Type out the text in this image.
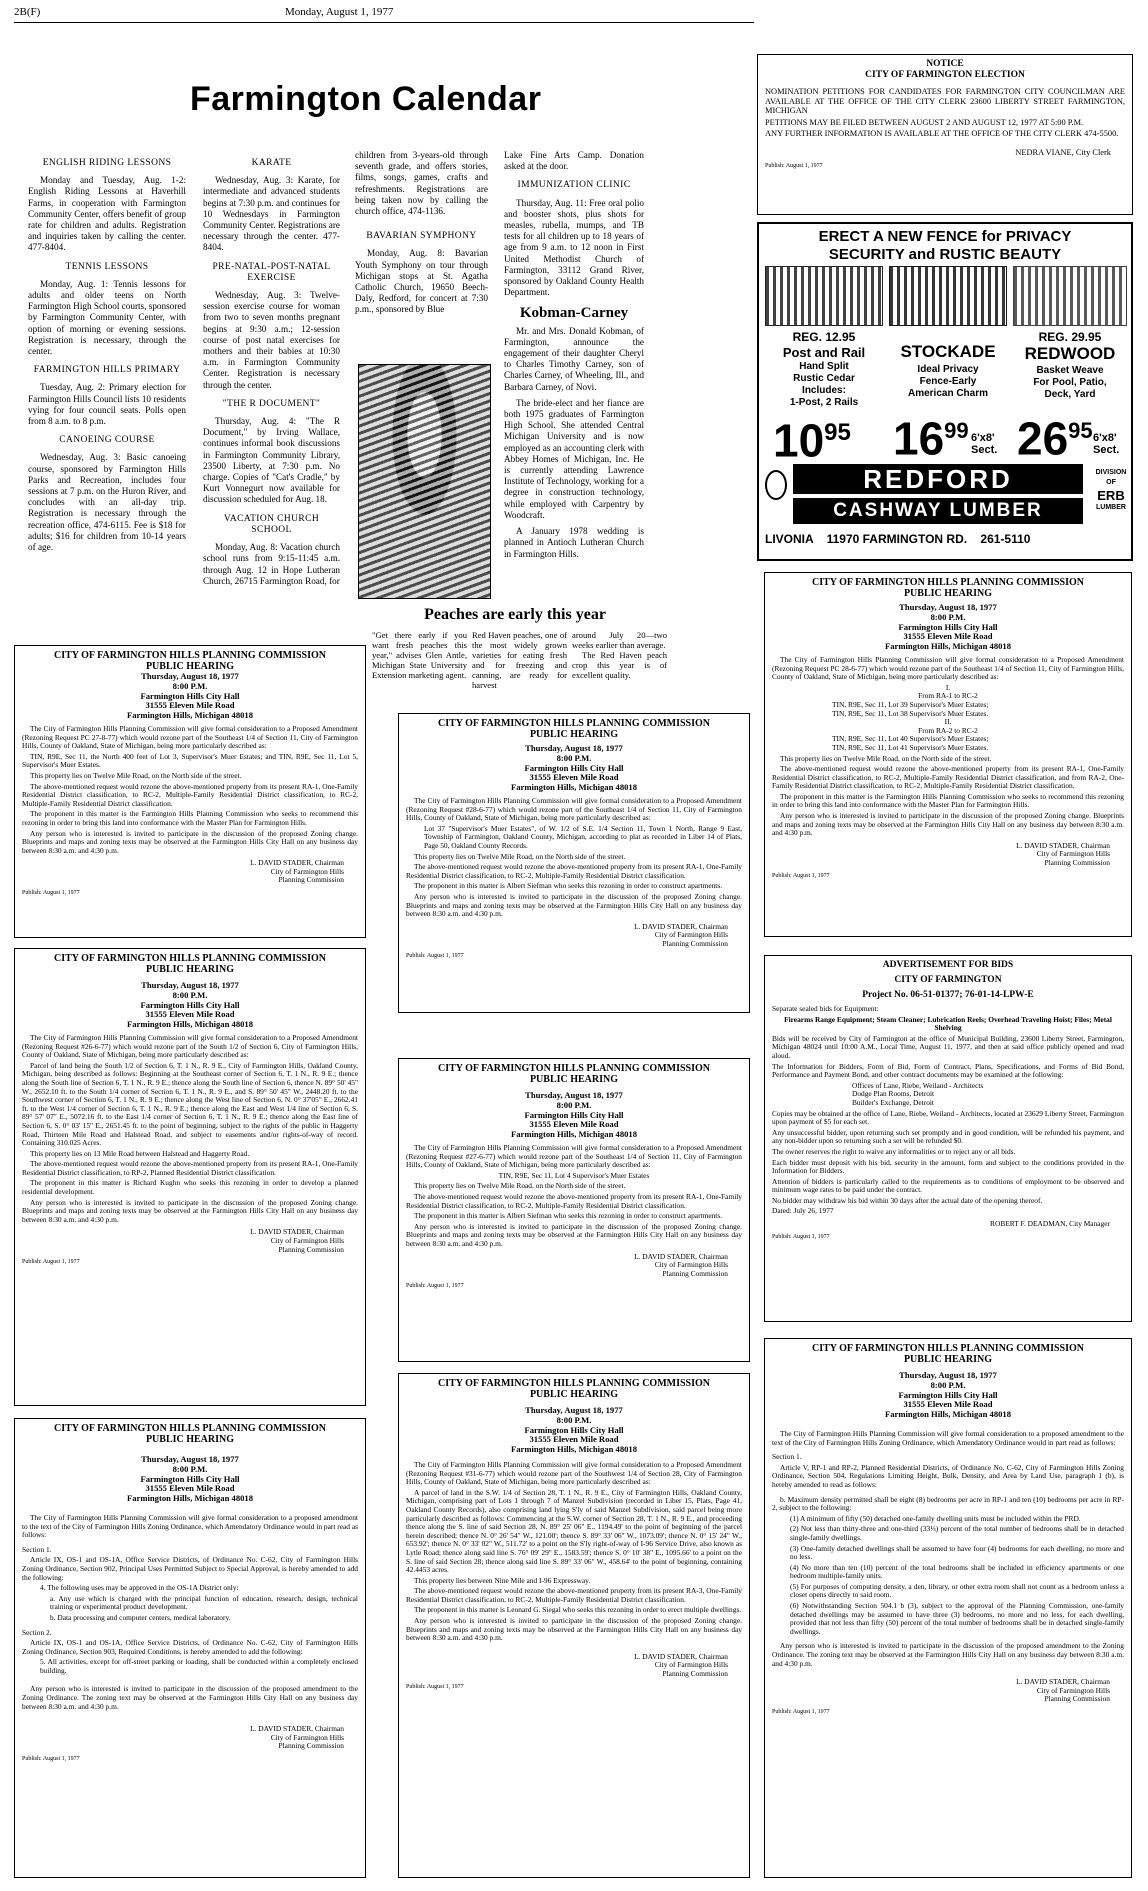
2B(F)	Monday, August 1, 1977
Farmington Calendar
ENGLISH RIDING LESSONS

Monday and Tuesday, Aug. 1-2: English Riding Lessons at Haverhill Farms, in cooperation with Farmington Community Center, offers benefit of group rate for children and adults. Registration and inquiries taken by calling the center. 477-8404.

TENNIS LESSONS

Monday, Aug. 1: Tennis lessons for adults and older teens on North Farmington High School courts, sponsored by Farmington Community Center, with option of morning or evening sessions. Registration is necessary, through the center.

FARMINGTON HILLS PRIMARY

Tuesday, Aug. 2: Primary election for Farmington Hills Council lists 10 residents vying for four council seats. Polls open from 8 a.m. to 8 p.m.

CANOEING COURSE

Wednesday, Aug. 3: Basic canoeing course, sponsored by Farmington Hills Parks and Recreation, includes four sessions at 7 p.m. on the Huron River, and concludes with an all-day trip. Registration is necessary through the recreation office, 474-6115. Fee is $18 for adults; $16 for children from 10-14 years of age.

KARATE

Wednesday, Aug. 3: Karate, for intermediate and advanced students begins at 7:30 p.m. and continues for 10 Wednesdays in Farmington Community Center. Registrations are necessary through the center. 477-8404.

PRE-NATAL-POST-NATAL EXERCISE

Wednesday, Aug. 3: Twelve-session exercise course for woman from two to seven months pregnant begins at 9:30 a.m.; 12-session course of post natal exercises for mothers and their babies at 10:30 a.m. in Farmington Community Center. Registration is necessary through the center.

"THE R DOCUMENT"

Thursday, Aug. 4: "The R Document," by Irving Wallace, continues informal book discussions in Farmington Community Library, 23500 Liberty, at 7:30 p.m. No charge. Copies of "Cat's Cradle," by Kurt Vonnegurt now available for discussion scheduled for Aug. 18.

VACATION CHURCH SCHOOL

Monday, Aug. 8: Vacation church school runs from 9:15-11:45 a.m. through Aug. 12 in Hope Lutheran Church, 26715 Farmington Road, for

children from 3-years-old through seventh grade, and offers stories, films, songs, games, crafts and refreshments. Registrations are being taken now by calling the church office, 474-1136.

BAVARIAN SYMPHONY

Monday, Aug. 8: Bavarian Youth Symphony on tour through Michigan stops at St. Agatha Catholic Church, 19650 Beech-Daly, Redford, for concert at 7:30 p.m., sponsored by Blue

Lake Fine Arts Camp. Donation asked at the door.

IMMUNIZATION CLINIC

Thursday, Aug. 11: Free oral polio and booster shots, plus shots for measles, rubella, mumps, and TB tests for all children up to 18 years of age from 9 a.m. to 12 noon in First United Methodist Church of Farmington, 33112 Grand River, sponsored by Oakland County Health Department.

Kobman-Carney

Mr. and Mrs. Donald Kobman, of Farmington, announce the engagement of their daughter Cheryl to Charles Timothy Carney, son of Charles Carney, of Wheeling, Ill., and Barbara Carney, of Novi.

The bride-elect and her fiance are both 1975 graduates of Farmington High School. She attended Central Michigan University and is now employed as an accounting clerk with Abbey Homes of Michigan, Inc. He is currently attending Lawrence Institute of Technology, working for a degree in construction technology, while employed with Carpentry by Woodcraft.

A January 1978 wedding is planned in Antioch Lutheran Church in Farmington Hills.

Peaches are early this year
"Get there early if you want fresh peaches this year," advises Glen Antle, Michigan State University Extension marketing agent.
Red Haven peaches, one of the most widely grown varieties for eating fresh and for freezing and canning, are ready for harvest
around July 20—two weeks earlier than average.
The Red Haven peach crop this year is of excellent quality.
NOTICE
CITY OF FARMINGTON ELECTION

NOMINATION PETITIONS FOR CANDIDATES FOR FARMINGTON CITY COUNCILMAN ARE AVAILABLE AT THE OFFICE OF THE CITY CLERK 23600 LIBERTY STREET FARMINGTON, MICHIGAN

PETITIONS MAY BE FILED BETWEEN AUGUST 2 AND AUGUST 12, 1977 AT 5:00 P.M.

ANY FURTHER INFORMATION IS AVAILABLE AT THE OFFICE OF THE CITY CLERK 474-5500.

NEDRA VIANE, City Clerk
Publish: August 1, 1977
ERECT A NEW FENCE for PRIVACY
SECURITY and RUSTIC BEAUTY
REG. 12.95
Post and Rail
Hand Split
Rustic Cedar
Includes:
1-Post, 2 Rails
$10^{95}$
STOCKADE
Ideal Privacy
Fence-Early
American Charm
$16^{99}$ 6'x8'
Sect.
REG. 29.95
REDWOOD
Basket Weave
For Pool, Patio,
Deck, Yard
$26^{95}$ 6'x8'
Sect.
REDFORD
CASHWAY LUMBER
DIVISION
OF
ERB
LUMBER
LIVONIA 11970 FARMINGTON RD. 261-5110
CITY OF FARMINGTON HILLS PLANNING COMMISSION
PUBLIC HEARING
Thursday, August 18, 1977
8:00 P.M.
Farmington Hills City Hall
31555 Eleven Mile Road
Farmington Hills, Michigan 48018

The City of Farmington Hills Planning Commission will give formal consideration to a Proposed Amendment (Rezoning Request PC 27-8-77) which would rezone part of the Southeast 1/4 of Section 11, City of Farmington Hills, County of Oakland, State of Michigan, being more particularly described as:

TIN, R9E, Sec 11, the North 400 feet of Lot 3, Supervisor's Muer Estates; and TIN, R9E, Sec 11, Lot 5, Supervisor's Muer Estates.

This property lies on Twelve Mile Road, on the North side of the street.

The above-mentioned request would rezone the above-mentioned property from its present RA-1, One-Family Residential District classification, to RC-2, Multiple-Family Residential District classification, to RC-2, Multiple-Family Residential District classification.

The proponent in this matter is the Farmington Hills Planning Commission who seeks to recommend this rezoning in order to bring this land into conformance with the Master Plan for Farmington Hills.

Any person who is interested is invited to participate in the discussion of the proposed Zoning change. Blueprints and maps and zoning texts may be observed at the Farmington Hills City Hall on any business day between 8:30 a.m. and 4:30 p.m.

L. DAVID STADER, Chairman
City of Farmington Hills
Planning Commission
Publish: August 1, 1977
CITY OF FARMINGTON HILLS PLANNING COMMISSION
PUBLIC HEARING
Thursday, August 18, 1977
8:00 P.M.
Farmington Hills City Hall
31555 Eleven Mile Road
Farmington Hills, Michigan 48018

The City of Farmington Hills Planning Commission will give formal consideration to a Proposed Amendment (Rezoning Request #28-6-77) which would rezone part of the Southeast 1/4 of Section 11, City of Farmington Hills, County of Oakland, State of Michigan, being more particularly described as:

Lot 37 "Supervisor's Muer Estates", of W. 1/2 of S.E. 1/4 Section 11, Town 1 North, Range 9 East, Township of Farmington, Oakland County, Michigan, according to plat as recorded in Liber 14 of Plats, Page 50, Oakland County Records.

This property lies on Twelve Mile Road, on the North side of the street.

The above-mentioned request would rezone the above-mentioned property from its present RA-1, One-Family Residential District classification, to RC-2, Multiple-Family Residential District classification.

The proponent in this matter is Albert Siefman who seeks this rezoning in order to construct apartments.

Any person who is interested is invited to participate in the discussion of the proposed Zoning change. Blueprints and maps and zoning texts may be observed at the Farmington Hills City Hall on any business day between 8:30 a.m. and 4:30 p.m.

L. DAVID STADER, Chairman
City of Farmington Hills
Planning Commission
Publish: August 1, 1977
CITY OF FARMINGTON HILLS PLANNING COMMISSION
PUBLIC HEARING
Thursday, August 18, 1977
8:00 P.M.
Farmington Hills City Hall
31555 Eleven Mile Road
Farmington Hills, Michigan 48018

The City of Farmington Hills Planning Commission will give formal consideration to a Proposed Amendment (Rezoning Request PC 28-6-77) which would rezone part of the Southeast 1/4 of Section 11, City of Farmington Hills, County of Oakland, State of Michigan, being more particularly described as:

I.
From RA-1 to RC-2
TIN, R9E, Sec 11, Lot 39 Supervisor's Muer Estates;
TIN, R9E, Sec 11, Lot 38 Supervisor's Muer Estates.
II.
From RA-2 to RC-2
TIN, R9E, Sec 11, Lot 40 Supervisor's Muer Estates;
TIN, R9E, Sec 11, Lot 41 Supervisor's Muer Estates.

This property lies on Twelve Mile Road, on the North side of the street.

The above-mentioned request would rezone the above-mentioned property from its present RA-1, One-Family Residential District classification, to RC-2, Multiple-Family Residential District classification, and from RA-2, One-Family Residential District classification, to RC-2, Multiple-Family Residential District classification.

The proponent in this matter is the Farmington Hills Planning Commission who seeks to recommend this rezoning in order to bring this land into conformance with the Master Plan for Farmington Hills.

Any person who is interested is invited to participate in the discussion of the proposed Zoning change. Blueprints and maps and zoning texts may be observed at the Farmington Hills City Hall on any business day between 8:30 a.m. and 4:30 p.m.

L. DAVID STADER, Chairman
City of Farmington Hills
Planning Commission
Publish: August 1, 1977
CITY OF FARMINGTON HILLS PLANNING COMMISSION
PUBLIC HEARING
Thursday, August 18, 1977
8:00 P.M.
Farmington Hills City Hall
31555 Eleven Mile Road
Farmington Hills, Michigan 48018

The City of Farmington Hills Planning Commission will give formal consideration to a Proposed Amendment (Rezoning Request #26-6-77) which would rezone part of the South 1/2 of Section 6, City of Farmington Hills, County of Oakland, State of Michigan, being more particularly described as:

Parcel of land being the South 1/2 of Section 6, T. 1 N., R. 9 E., City of Farmington Hills, Oakland County, Michigan, being described as follows: Beginning at the Southeast corner of Section 6, T. 1 N., R. 9 E.; thence along the South line of Section 6, T. 1 N., R. 9 E.; thence along the South line of Section 6, thence N. 89° 50' 45" W., 2652.10 ft. to the South 1/4 corner of Section 6, T. 1 N., R. 9 E., and S. 89° 50' 45" W., 2448.20 ft. to the Southwest corner of Section 6, T. 1 N., R. 9 E.; thence along the West line of Section 6, N. 0° 37'05" E., 2662.41 ft. to the West 1/4 corner of Section 6, T. 1 N., R. 9 E.; thence along the East and West 1/4 line of Section 6, S. 89° 57' 07" E., 5072.16 ft. to the East 1/4 corner of Section 6, T. 1 N., R. 9 E.; thence along the East line of Section 6, S. 0° 03' 15" E., 2651.45 ft. to the point of beginning, subject to the rights of the public in Haggerty Road, Thirteen Mile Road and Halstead Road, and subject to easements and/or rights-of-way of record. Containing 310.025 Acres.

This property lies on 13 Mile Road between Halstead and Haggerty Road.

The above-mentioned request would rezone the above-mentioned property from its present RA-1, One-Family Residential District classification, to RP-2, Planned Residential District classification.

The proponent in this matter is Richard Kughn who seeks this rezoning in order to develop a planned residential development.

Any person who is interested is invited to participate in the discussion of the proposed Zoning change. Blueprints and maps and zoning texts may be observed at the Farmington Hills City Hall on any business day between 8:30 a.m. and 4:30 p.m.

L. DAVID STADER, Chairman
City of Farmington Hills
Planning Commission
Publish: August 1, 1977
CITY OF FARMINGTON HILLS PLANNING COMMISSION
PUBLIC HEARING
Thursday, August 18, 1977
8:00 P.M.
Farmington Hills City Hall
31555 Eleven Mile Road
Farmington Hills, Michigan 48018

The City of Farmington Hills Planning Commission will give formal consideration to a Proposed Amendment (Rezoning Request #27-6-77) which would rezone part of the Southeast 1/4 of Section 11, City of Farmington Hills, County of Oakland, State of Michigan, being more particularly described as:

TIN, R9E, Sec 11, Lot 4 Supervisor's Muer Estates

This property lies on Twelve Mile Road, on the North side of the street.

The above-mentioned request would rezone the above-mentioned property from its present RA-1, One-Family Residential District classification, to RC-2, Multiple-Family Residential District classification.

The proponent in this matter is Albert Siefman who seeks this rezoning in order to construct apartments.

Any person who is interested is invited to participate in the discussion of the proposed Zoning change. Blueprints and maps and zoning texts may be observed at the Farmington Hills City Hall on any business day between 8:30 a.m. and 4:30 p.m.

L. DAVID STADER, Chairman
City of Farmington Hills
Planning Commission
Publish: August 1, 1977
ADVERTISEMENT FOR BIDS
CITY OF FARMINGTON
Project No. 06-51-01377; 76-01-14-LPW-E

Separate sealed bids for Equipment:

Firearms Range Equipment; Steam Cleaner; Lubrication Reels; Overhead Traveling Hoist; Files; Metal Shelving

Bids will be received by City of Farmington at the office of Municipal Building, 23600 Liberty Street, Farmington, Michigan 48024 until 10:00 A.M., Local Time, August 11, 1977, and then at said office publicly opened and read aloud.

The Information for Bidders, Form of Bid, Form of Contract, Plans, Specifications, and Forms of Bid Bond, Performance and Payment Bond, and other contract documents may be examined at the following:

Offices of Lane, Riebe, Weiland - Architects
Dodge Plan Rooms, Detroit
Builder's Exchange, Detroit

Copies may be obtained at the office of Lane, Riebe, Weiland - Architects, located at 23629 Liberty Street, Farmington upon payment of $5 for each set.

Any unsuccessful bidder, upon returning such set promptly and in good condition, will be refunded his payment, and any non-bidder upon so returning such a set will be refunded $0.

The owner reserves the right to waive any informalities or to reject any or all bids.

Each bidder must deposit with his bid, security in the amount, form and subject to the conditions provided in the Information for Bidders.

Attention of bidders is particularly called to the requirements as to conditions of employment to be observed and minimum wage rates to be paid under the contract.

No bidder may withdraw his bid within 30 days after the actual date of the opening thereof.

Dated: July 26, 1977

ROBERT F. DEADMAN, City Manager
Publish: August 1, 1977
CITY OF FARMINGTON HILLS PLANNING COMMISSION
PUBLIC HEARING
Thursday, August 18, 1977
8:00 P.M.
Farmington Hills City Hall
31555 Eleven Mile Road
Farmington Hills, Michigan 48018

The City of Farmington Hills Planning Commission will give formal consideration to a proposed amendment to the text of the City of Farmington Hills Zoning Ordinance, which Amendatory Ordinance would in part read as follows:

Section 1.

Article IX, OS-1 and OS-1A, Office Service Districts, of Ordinance No. C-62, City of Farmington Hills Zoning Ordinance, Section 902, Principal Uses Permitted Subject to Special Approval, is hereby amended to add the following:

4. The following uses may be approved in the OS-1A District only:

a. Any use which is charged with the principal function of education, research, design, technical training or experimental product development.

b. Data processing and computer centers, medical laboratory.

Section 2.

Article IX, OS-1 and OS-1A, Office Service Districts, of Ordinance No. C-62, City of Farmington Hills Zoning Ordinance, Section 903, Required Conditions, is hereby amended to add the following:

5. All activities, except for off-street parking or loading, shall be conducted within a completely enclosed building.

Any person who is interested is invited to participate in the discussion of the proposed amendment to the Zoning Ordinance. The zoning text may be observed at the Farmington Hills City Hall on any business day between 8:30 a.m. and 4:30 p.m.

L. DAVID STADER, Chairman
City of Farmington Hills
Planning Commission
Publish: August 1, 1977
CITY OF FARMINGTON HILLS PLANNING COMMISSION
PUBLIC HEARING
Thursday, August 18, 1977
8:00 P.M.
Farmington Hills City Hall
31555 Eleven Mile Road
Farmington Hills, Michigan 48018

The City of Farmington Hills Planning Commission will give formal consideration to a Proposed Amendment (Rezoning Request #31-6-77) which would rezone part of the Southwest 1/4 of Section 28, City of Farmington Hills, County of Oakland, State of Michigan, being more particularly described as:

A parcel of land in the S.W. 1/4 of Section 28, T. 1 N., R. 9 E., City of Farmington Hills, Oakland County, Michigan, comprising part of Lots 1 through 7 of Manzel Subdivision (recorded in Liber 15, Plats, Page 41, Oakland County Records), also comprising land lying S'ly of said Manzel Subdivision, said parcel being more particularly described as follows: Commencing at the S.W. corner of Section 28, T. 1 N., R. 9 E., and proceeding thence along the S. line of said Section 28, N. 89° 25' 06" E., 1194.49' to the point of beginning of the parcel herein described; thence N. 0° 26' 54" W., 121.00'; thence S. 89° 33' 06" W., 1073.09'; thence N. 0° 15' 24" W., 653.92'; thence N. 0° 33' 02" W., 511.72' to a point on the S'ly right-of-way of I-96 Service Drive, also known as Lytle Road; thence along said line S. 76° 09' 29" E., 1583.59'; thence S. 0° 10' 38" E., 1095.66' to a point on the S. line of said Section 28; thence along said line S. 89° 33' 06" W., 458.64' to the point of beginning, containing 42.4453 acres.

This property lies between Nine Mile and I-96 Expressway.

The above-mentioned request would rezone the above-mentioned property from its present RA-3, One-Family Residential District classification, to RC-2, Multiple-Family Residential District classification.

The proponent in this matter is Leonard G. Siegal who seeks this rezoning in order to erect multiple dwellings.

Any person who is interested is invited to participate in the discussion of the proposed Zoning change. Blueprints and maps and zoning texts may be observed at the Farmington Hills City Hall on any business day between 8:30 a.m. and 4:30 p.m.

L. DAVID STADER, Chairman
City of Farmington Hills
Planning Commission
Publish: August 1, 1977
CITY OF FARMINGTON HILLS PLANNING COMMISSION
PUBLIC HEARING
Thursday, August 18, 1977
8:00 P.M.
Farmington Hills City Hall
31555 Eleven Mile Road
Farmington Hills, Michigan 48018

The City of Farmington Hills Planning Commission will give formal consideration to a proposed amendment to the text of the City of Farmington Hills Zoning Ordinance, which Amendatory Ordinance would in part read as follows:

Section 1.

Article V, RP-1 and RP-2, Planned Residential Districts, of Ordinance No. C-62, City of Farmington Hills Zoning Ordinance, Section 504, Regulations Limiting Height, Bulk, Density, and Area by Land Use, paragraph 1 (b), is hereby amended to read as follows:

b. Maximum density permitted shall be eight (8) bedrooms per acre in RP-1 and ten (10) bedrooms per acre in RP-2, subject to the following:

(1) A minimum of fifty (50) detached one-family dwelling units must be included within the PRD.

(2) Not less than thirty-three and one-third (33⅓) percent of the total number of bedrooms shall be in detached single-family dwellings.

(3) One-family detached dwellings shall be assumed to have four (4) bedrooms for each dwelling, no more and no less.

(4) No more than ten (10) percent of the total bedrooms shall be included in efficiency apartments or one bedroom multiple-family units.

(5) For purposes of computing density, a den, library, or other extra room shall not count as a bedroom unless a closet opens directly to said room.

(6) Notwithstanding Section 504.1 b (3), subject to the approval of the Planning Commission, one-family detached dwellings may be assumed to have three (3) bedrooms, no more and no less, for each dwelling, provided that not less than fifty (50) percent of the total number of bedrooms shall be in detached single-family dwellings.

Any person who is interested is invited to participate in the discussion of the proposed amendment to the Zoning Ordinance. The zoning text may be observed at the Farmington Hills City Hall on any business day between 8:30 a.m. and 4:30 p.m.

L. DAVID STADER, Chairman
City of Farmington Hills
Planning Commission
Publish: August 1, 1977
